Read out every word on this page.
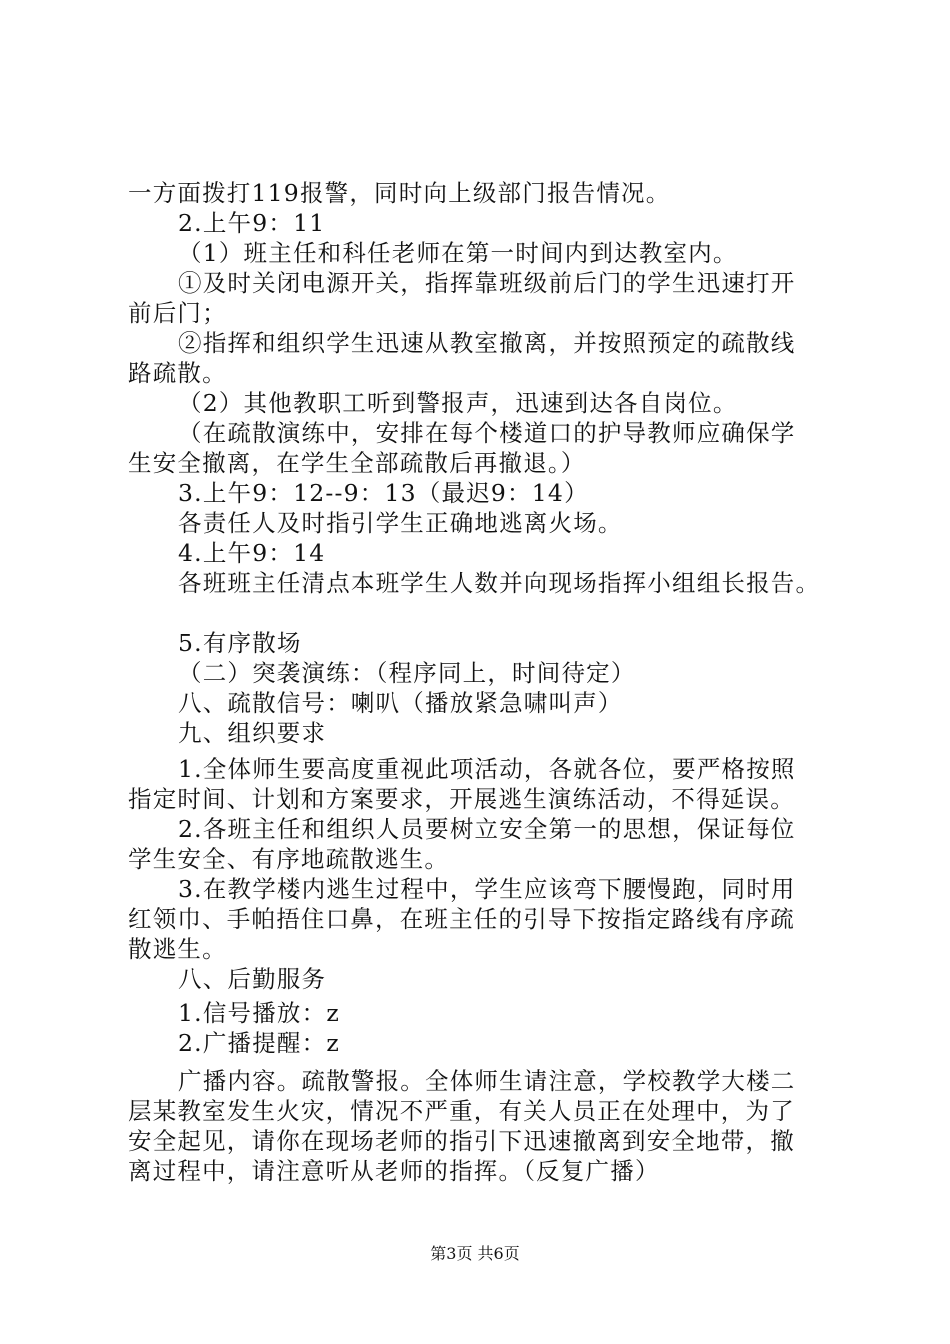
一方面拨打119报警，同时向上级部门报告情况。
2.上午9：11
（1）班主任和科任老师在第一时间内到达教室内。
①及时关闭电源开关，指挥靠班级前后门的学生迅速打开
前后门；
②指挥和组织学生迅速从教室撤离，并按照预定的疏散线
路疏散。
（2）其他教职工听到警报声，迅速到达各自岗位。
（在疏散演练中，安排在每个楼道口的护导教师应确保学
生安全撤离，在学生全部疏散后再撤退。）
3.上午9：12--9：13（最迟9：14）
各责任人及时指引学生正确地逃离火场。
4.上午9：14
各班班主任清点本班学生人数并向现场指挥小组组长报告。
5.有序散场
（二）突袭演练：（程序同上，时间待定）
八、疏散信号：喇叭（播放紧急啸叫声）
九、组织要求
1.全体师生要高度重视此项活动，各就各位，要严格按照
指定时间、计划和方案要求，开展逃生演练活动，不得延误。
2.各班主任和组织人员要树立安全第一的思想，保证每位
学生安全、有序地疏散逃生。
3.在教学楼内逃生过程中，学生应该弯下腰慢跑，同时用
红领巾、手帕捂住口鼻，在班主任的引导下按指定路线有序疏
散逃生。
八、后勤服务
1.信号播放：z
2.广播提醒：z
广播内容。疏散警报。全体师生请注意，学校教学大楼二
层某教室发生火灾，情况不严重，有关人员正在处理中，为了
安全起见，请你在现场老师的指引下迅速撤离到安全地带，撤
离过程中，请注意听从老师的指挥。（反复广播）
第3页 共6页
